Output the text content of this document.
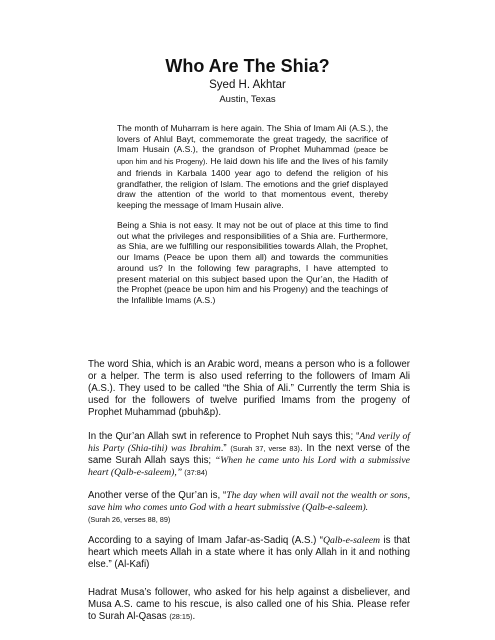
Who Are The Shia?
Syed H. Akhtar
Austin, Texas

The month of Muharram is here again. The Shia of Imam Ali (A.S.), the lovers of Ahlul Bayt, commemorate the great tragedy, the sacrifice of Imam Husain (A.S.), the grandson of Prophet Muhammad (peace be upon him and his Progeny). He laid down his life and the lives of his family and friends in Karbala 1400 year ago to defend the religion of his grandfather, the religion of Islam. The emotions and the grief displayed draw the attention of the world to that momentous event, thereby keeping the message of Imam Husain alive.

Being a Shia is not easy. It may not be out of place at this time to find out what the privileges and responsibilities of a Shia are. Furthermore, as Shia, are we fulfilling our responsibilities towards Allah, the Prophet, our Imams (Peace be upon them all) and towards the communities around us? In the following few paragraphs, I have attempted to present material on this subject based upon the Qur’an, the Hadith of the Prophet (peace be upon him and his Progeny) and the teachings of the Infallible Imams (A.S.)

The word Shia, which is an Arabic word, means a person who is a follower or a helper. The term is also used referring to the followers of Imam Ali (A.S.). They used to be called “the Shia of Ali.” Currently the term Shia is used for the followers of twelve purified Imams from the progeny of Prophet Muhammad (pbuh&p).

In the Qur’an Allah swt in reference to Prophet Nuh says this; “And verily of his Party (Shia-tihi) was Ibrahim.” (Surah 37, verse 83). In the next verse of the same Surah Allah says this; “When he came unto his Lord with a submissive heart (Qalb-e-saleem),” (37:84)

Another verse of the Qur’an is, “The day when will avail not the wealth or sons, save him who comes unto God with a heart submissive (Qalb-e-saleem).
(Surah 26, verses 88, 89)

According to a saying of Imam Jafar-as-Sadiq (A.S.) “Qalb-e-saleem is that heart which meets Allah in a state where it has only Allah in it and nothing else.” (Al-Kafi)

Hadrat Musa’s follower, who asked for his help against a disbeliever, and Musa A.S. came to his rescue, is also called one of his Shia. Please refer to Surah Al-Qasas (28:15).
